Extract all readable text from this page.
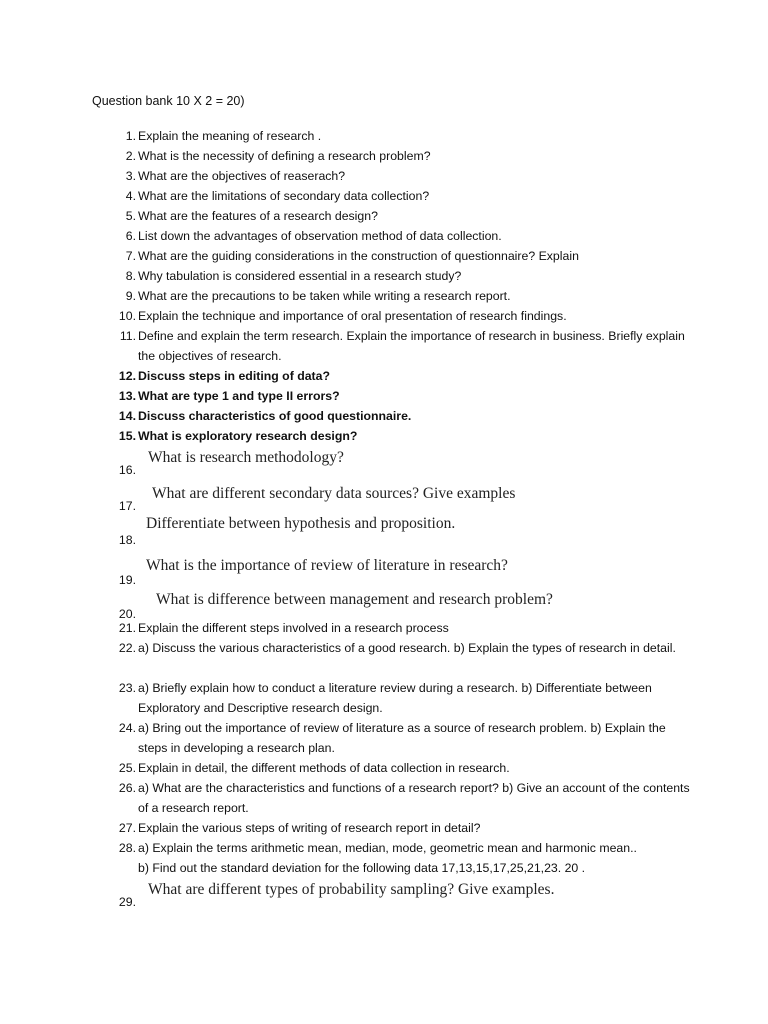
Question bank 10 X 2 = 20)
1. Explain the meaning of research .
2. What is the necessity of defining a research problem?
3. What are the objectives of reaserach?
4. What are the limitations of secondary data collection?
5. What are the features of a research design?
6. List down the advantages of observation method of data collection.
7. What are the guiding considerations in the construction of questionnaire? Explain
8. Why tabulation is considered essential in a research study?
9. What are the precautions to be taken while writing a research report.
10. Explain the technique and importance of oral presentation of research findings.
11. Define and explain the term research. Explain the importance of research in business. Briefly explain the objectives of research.
12. Discuss steps in editing of data?
13. What are type 1 and type II errors?
14. Discuss characteristics of good questionnaire.
15. What is exploratory research design?
16.
What is research methodology?
17.
What are different secondary data sources? Give examples
18.
Differentiate between hypothesis and proposition.
19.
What is the importance of review of literature in research?
20.
What is difference between management and research problem?
21. Explain the different steps involved in a research process
22. a) Discuss the various characteristics of a good research. b) Explain the types of research in detail.
23. a) Briefly explain how to conduct a literature review during a research. b) Differentiate between Exploratory and Descriptive research design.
24. a) Bring out the importance of review of literature as a source of research problem. b) Explain the steps in developing a research plan.
25. Explain in detail, the different methods of data collection in research.
26. a) What are the characteristics and functions of a research report? b) Give an account of the contents of a research report.
27. Explain the various steps of writing of research report in detail?
28. a) Explain the terms arithmetic mean, median, mode, geometric mean and harmonic mean..
b) Find out the standard deviation for the following data 17,13,15,17,25,21,23. 20 .
29.
What are different types of probability sampling? Give examples.
